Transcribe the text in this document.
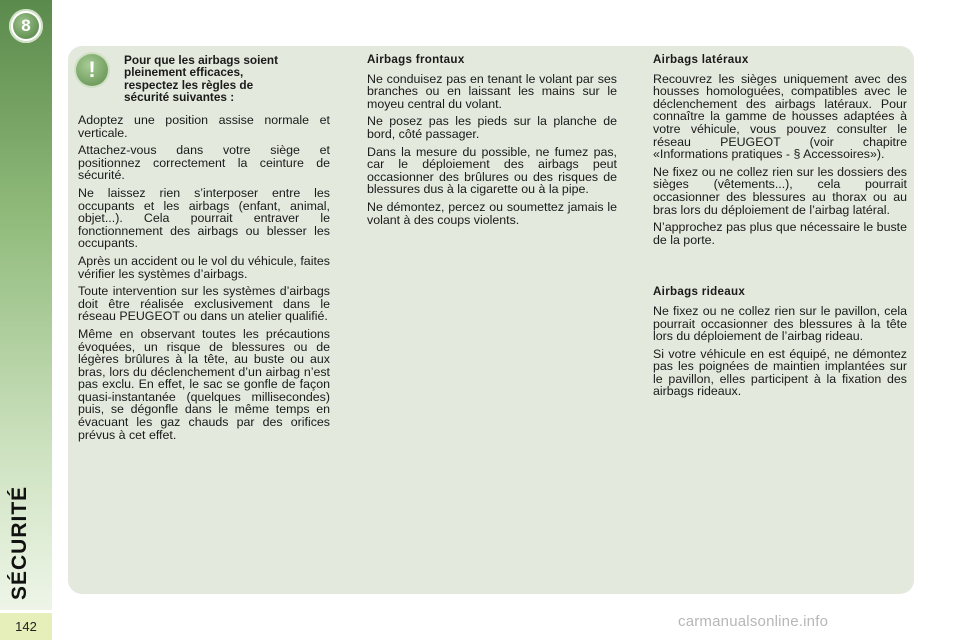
8
SÉCURITÉ
142
!	Pour que les airbags soient
pleinement efficaces,
respectez les règles de
sécurité suivantes :

Adoptez une position assise normale et verticale.

Attachez-vous dans votre siège et positionnez correctement la ceinture de sécurité.

Ne laissez rien s’interposer entre les occupants et les airbags (enfant, animal, objet...). Cela pourrait entraver le fonctionnement des airbags ou blesser les occupants.

Après un accident ou le vol du véhicule, faites vérifier les systèmes d’airbags.

Toute intervention sur les systèmes d’airbags doit être réalisée exclusivement dans le réseau PEUGEOT ou dans un atelier qualifié.

Même en observant toutes les précautions évoquées, un risque de blessures ou de légères brûlures à la tête, au buste ou aux bras, lors du déclenchement d’un airbag n’est pas exclu. En effet, le sac se gonfle de façon quasi-instantanée (quelques millisecondes) puis, se dégonfle dans le même temps en évacuant les gaz chauds par des orifices prévus à cet effet.

Airbags frontaux

Ne conduisez pas en tenant le volant par ses branches ou en laissant les mains sur le moyeu central du volant.

Ne posez pas les pieds sur la planche de bord, côté passager.

Dans la mesure du possible, ne fumez pas, car le déploiement des airbags peut occasionner des brûlures ou des risques de blessures dus à la cigarette ou à la pipe.

Ne démontez, percez ou soumettez jamais le volant à des coups violents.

Airbags latéraux

Recouvrez les sièges uniquement avec des housses homologuées, compatibles avec le déclenchement des airbags latéraux. Pour connaître la gamme de housses adaptées à votre véhicule, vous pouvez consulter le réseau PEUGEOT (voir chapitre «Informations pratiques - § Accessoires»).

Ne fixez ou ne collez rien sur les dossiers des sièges (vêtements...), cela pourrait occasionner des blessures au thorax ou au bras lors du déploiement de l’airbag latéral.

N’approchez pas plus que nécessaire le buste de la porte.

Airbags rideaux

Ne fixez ou ne collez rien sur le pavillon, cela pourrait occasionner des blessures à la tête lors du déploiement de l’airbag rideau.

Si votre véhicule en est équipé, ne démontez pas les poignées de maintien implantées sur le pavillon, elles participent à la fixation des airbags rideaux.

carmanualsonline.info
